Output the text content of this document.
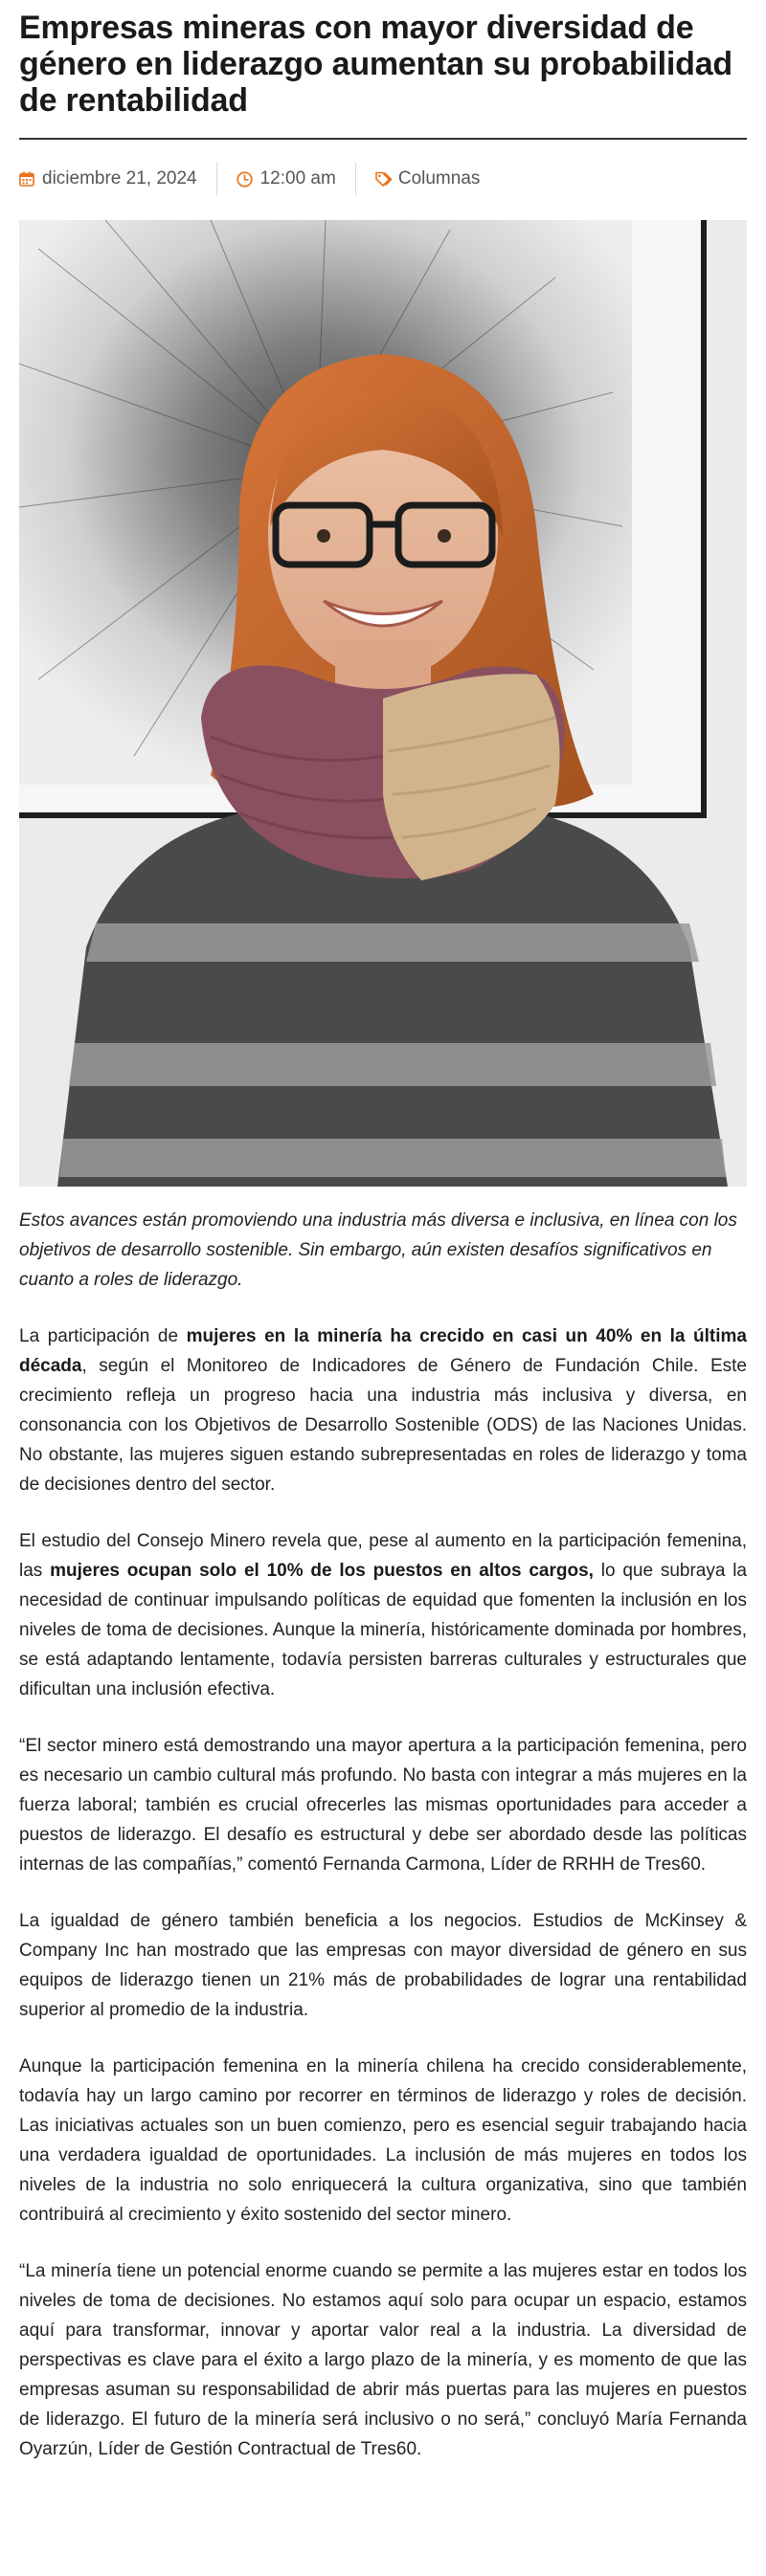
Empresas mineras con mayor diversidad de género en liderazgo aumentan su probabilidad de rentabilidad
diciembre 21, 2024	12:00 am	Columnas

Estos avances están promoviendo una industria más diversa e inclusiva, en línea con los objetivos de desarrollo sostenible. Sin embargo, aún existen desafíos significativos en cuanto a roles de liderazgo.

La participación de mujeres en la minería ha crecido en casi un 40% en la última década, según el Monitoreo de Indicadores de Género de Fundación Chile. Este crecimiento refleja un progreso hacia una industria más inclusiva y diversa, en consonancia con los Objetivos de Desarrollo Sostenible (ODS) de las Naciones Unidas. No obstante, las mujeres siguen estando subrepresentadas en roles de liderazgo y toma de decisiones dentro del sector.

El estudio del Consejo Minero revela que, pese al aumento en la participación femenina, las mujeres ocupan solo el 10% de los puestos en altos cargos, lo que subraya la necesidad de continuar impulsando políticas de equidad que fomenten la inclusión en los niveles de toma de decisiones. Aunque la minería, históricamente dominada por hombres, se está adaptando lentamente, todavía persisten barreras culturales y estructurales que dificultan una inclusión efectiva.

“El sector minero está demostrando una mayor apertura a la participación femenina, pero es necesario un cambio cultural más profundo. No basta con integrar a más mujeres en la fuerza laboral; también es crucial ofrecerles las mismas oportunidades para acceder a puestos de liderazgo. El desafío es estructural y debe ser abordado desde las políticas internas de las compañías,” comentó Fernanda Carmona, Líder de RRHH de Tres60.

La igualdad de género también beneficia a los negocios. Estudios de McKinsey & Company Inc han mostrado que las empresas con mayor diversidad de género en sus equipos de liderazgo tienen un 21% más de probabilidades de lograr una rentabilidad superior al promedio de la industria.

Aunque la participación femenina en la minería chilena ha crecido considerablemente, todavía hay un largo camino por recorrer en términos de liderazgo y roles de decisión. Las iniciativas actuales son un buen comienzo, pero es esencial seguir trabajando hacia una verdadera igualdad de oportunidades. La inclusión de más mujeres en todos los niveles de la industria no solo enriquecerá la cultura organizativa, sino que también contribuirá al crecimiento y éxito sostenido del sector minero.

“La minería tiene un potencial enorme cuando se permite a las mujeres estar en todos los niveles de toma de decisiones. No estamos aquí solo para ocupar un espacio, estamos aquí para transformar, innovar y aportar valor real a la industria. La diversidad de perspectivas es clave para el éxito a largo plazo de la minería, y es momento de que las empresas asuman su responsabilidad de abrir más puertas para las mujeres en puestos de liderazgo. El futuro de la minería será inclusivo o no será,” concluyó María Fernanda Oyarzún, Líder de Gestión Contractual de Tres60.
